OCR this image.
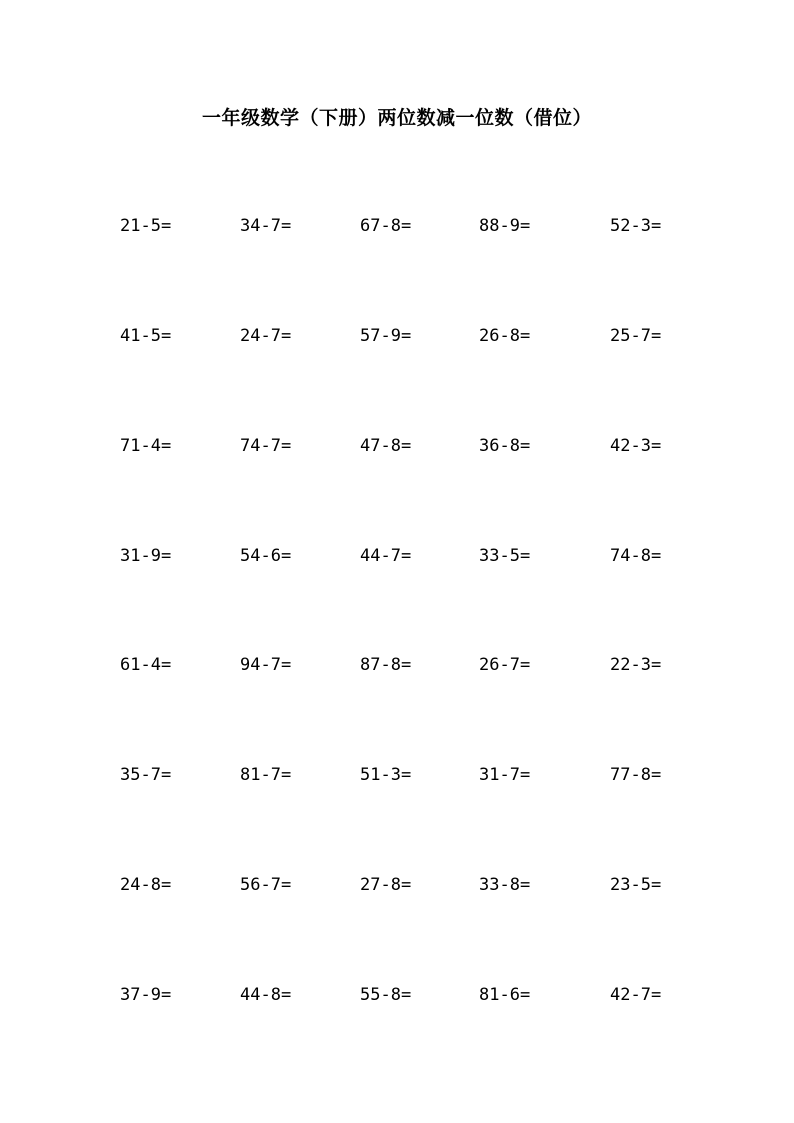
一年级数学（下册）两位数减一位数（借位）
21-5=	34-7=	67-8=	88-9=	52-3=
41-5=	24-7=	57-9=	26-8=	25-7=
71-4=	74-7=	47-8=	36-8=	42-3=
31-9=	54-6=	44-7=	33-5=	74-8=
61-4=	94-7=	87-8=	26-7=	22-3=
35-7=	81-7=	51-3=	31-7=	77-8=
24-8=	56-7=	27-8=	33-8=	23-5=
37-9=	44-8=	55-8=	81-6=	42-7=
